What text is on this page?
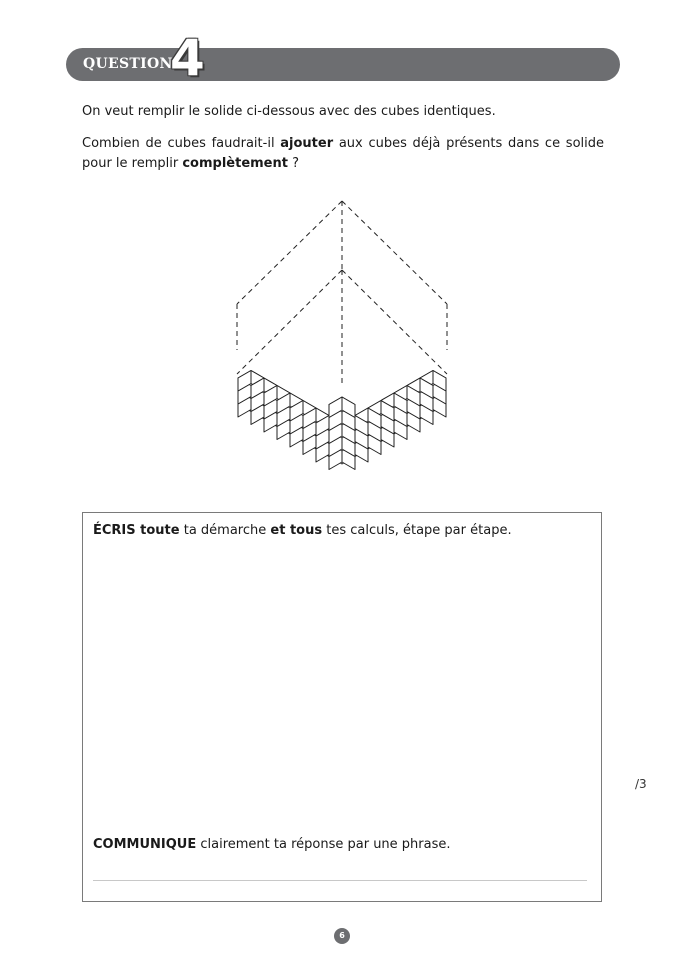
QUESTION
4

On veut remplir le solide ci-dessous avec des cubes identiques.

Combien de cubes faudrait-il ajouter aux cubes déjà présents dans ce solide pour le remplir complètement ?

ÉCRIS toute ta démarche et tous tes calculs, étape par étape.
COMMUNIQUE clairement ta réponse par une phrase.
/3
6
